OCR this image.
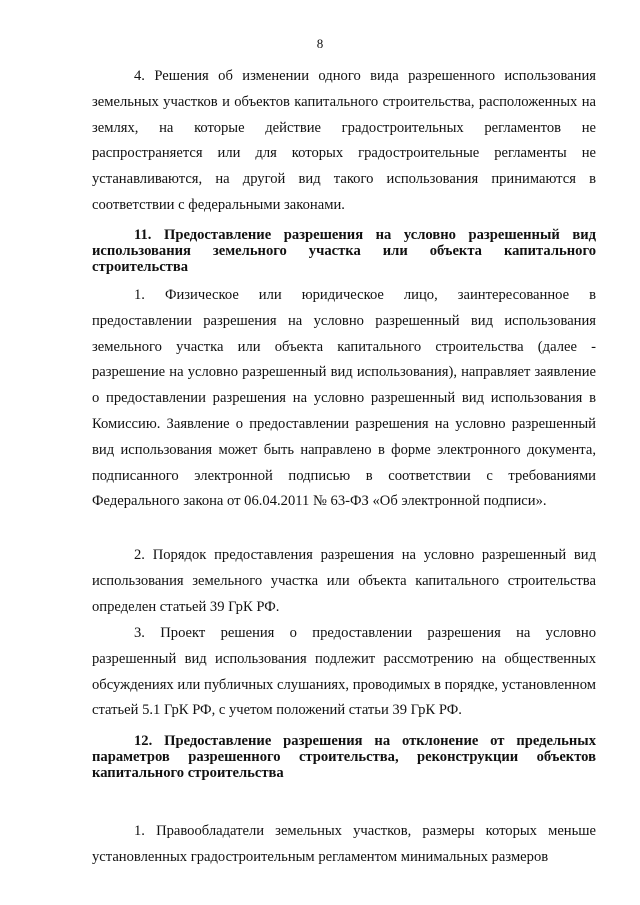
8

4. Решения об изменении одного вида разрешенного использования земельных участков и объектов капитального строительства, расположенных на землях, на которые действие градостроительных регламентов не распространяется или для которых градостроительные регламенты не устанавливаются, на другой вид такого использования принимаются в соответствии с федеральными законами.

11. Предоставление разрешения на условно разрешенный вид использования земельного участка или объекта капитального строительства

1. Физическое или юридическое лицо, заинтересованное в предоставлении разрешения на условно разрешенный вид использования земельного участка или объекта капитального строительства (далее - разрешение на условно разрешенный вид использования), направляет заявление о предоставлении разрешения на условно разрешенный вид использования в Комиссию. Заявление о предоставлении разрешения на условно разрешенный вид использования может быть направлено в форме электронного документа, подписанного электронной подписью в соответствии с требованиями Федерального закона от 06.04.2011 № 63-ФЗ «Об электронной подписи».

2. Порядок предоставления разрешения на условно разрешенный вид использования земельного участка или объекта капитального строительства определен статьей 39 ГрК РФ.

3. Проект решения о предоставлении разрешения на условно разрешенный вид использования подлежит рассмотрению на общественных обсуждениях или публичных слушаниях, проводимых в порядке, установленном статьей 5.1 ГрК РФ, с учетом положений статьи 39 ГрК РФ.

12. Предоставление разрешения на отклонение от предельных параметров разрешенного строительства, реконструкции объектов капитального строительства

1. Правообладатели земельных участков, размеры которых меньше установленных градостроительным регламентом минимальных размеров
